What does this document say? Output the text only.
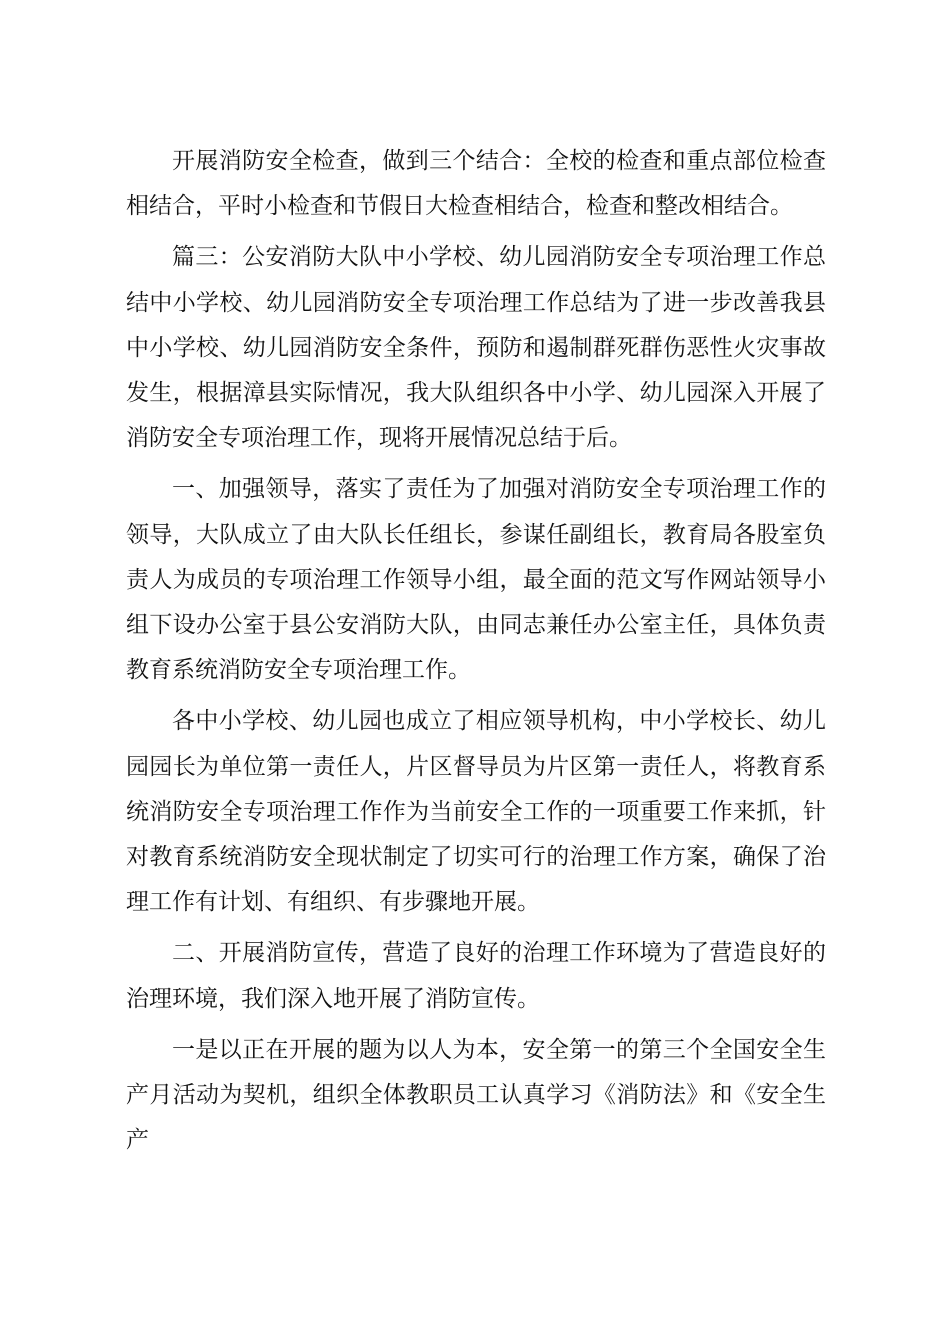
开展消防安全检查，做到三个结合：全校的检查和重点部位检查相结合，平时小检查和节假日大检查相结合，检查和整改相结合。

篇三：公安消防大队中小学校、幼儿园消防安全专项治理工作总结中小学校、幼儿园消防安全专项治理工作总结为了进一步改善我县中小学校、幼儿园消防安全条件，预防和遏制群死群伤恶性火灾事故发生，根据漳县实际情况，我大队组织各中小学、幼儿园深入开展了消防安全专项治理工作，现将开展情况总结于后。

一、加强领导，落实了责任为了加强对消防安全专项治理工作的领导，大队成立了由大队长任组长，参谋任副组长，教育局各股室负责人为成员的专项治理工作领导小组，最全面的范文写作网站领导小组下设办公室于县公安消防大队，由同志兼任办公室主任，具体负责教育系统消防安全专项治理工作。

各中小学校、幼儿园也成立了相应领导机构，中小学校长、幼儿园园长为单位第一责任人，片区督导员为片区第一责任人，将教育系统消防安全专项治理工作作为当前安全工作的一项重要工作来抓，针对教育系统消防安全现状制定了切实可行的治理工作方案，确保了治理工作有计划、有组织、有步骤地开展。

二、开展消防宣传，营造了良好的治理工作环境为了营造良好的治理环境，我们深入地开展了消防宣传。

一是以正在开展的题为以人为本，安全第一的第三个全国安全生产月活动为契机，组织全体教职员工认真学习《消防法》和《安全生产
